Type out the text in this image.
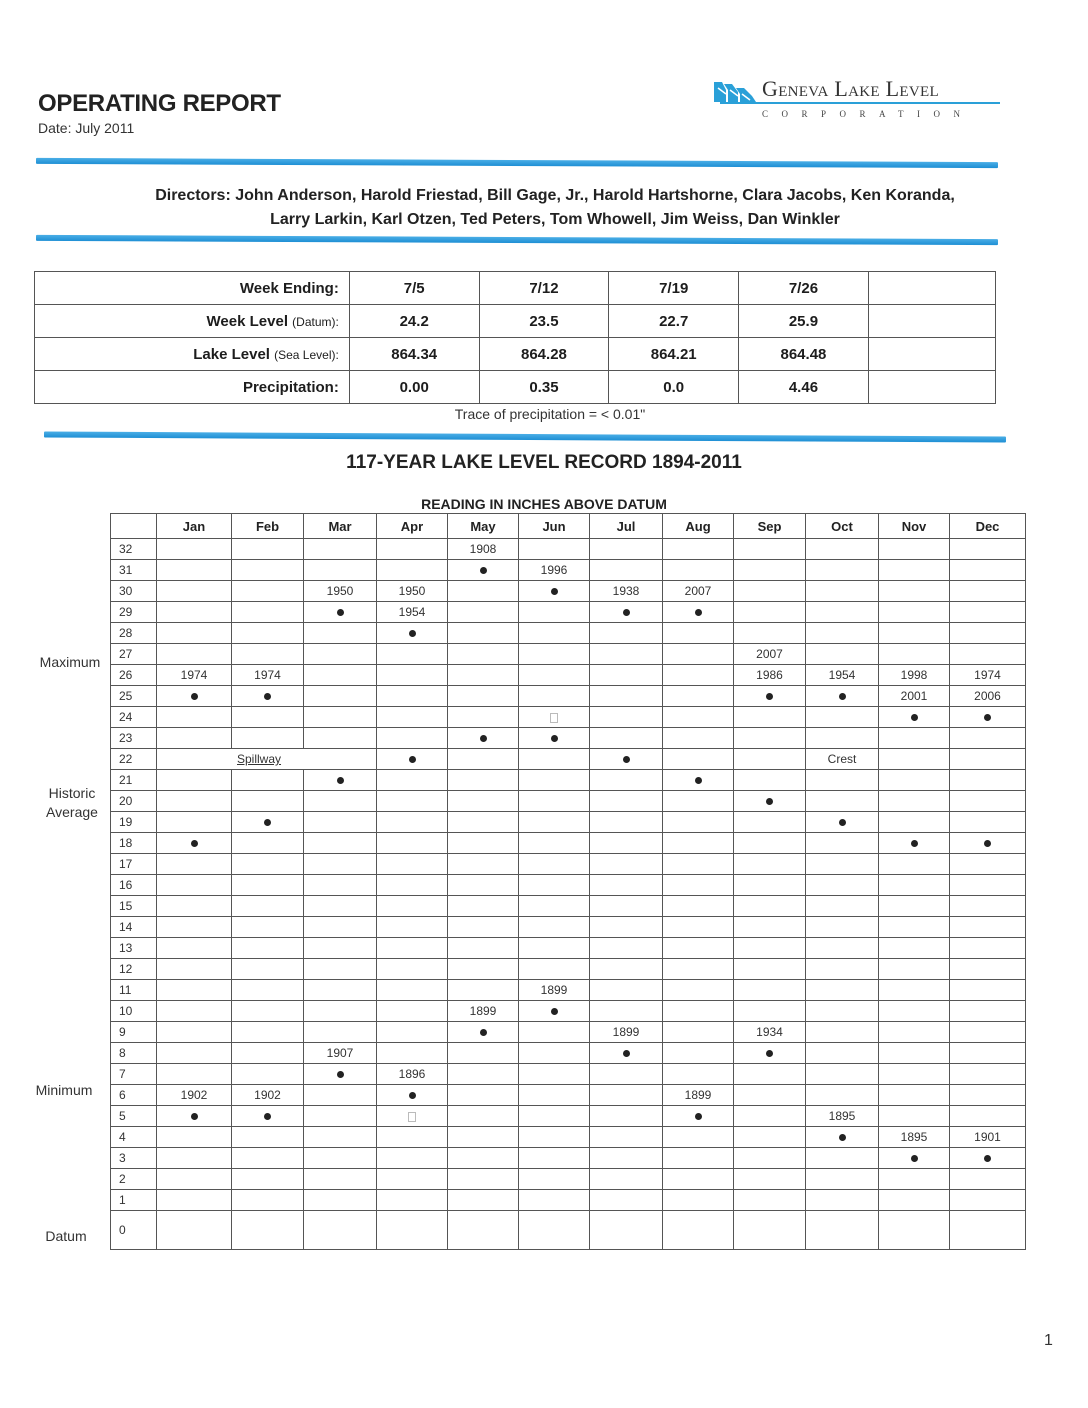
OPERATING REPORT
Date: July 2011
Geneva Lake Level
CORPORATION
Directors: John Anderson, Harold Friestad, Bill Gage, Jr., Harold Hartshorne, Clara Jacobs, Ken Koranda,
Larry Larkin, Karl Otzen, Ted Peters, Tom Whowell, Jim Weiss, Dan Winkler
Week Ending:	7/5	7/12	7/19	7/26	
Week Level (Datum):	24.2	23.5	22.7	25.9	
Lake Level (Sea Level):	864.34	864.28	864.21	864.48	
Precipitation:	0.00	0.35	0.0	4.46	
Trace of precipitation = < 0.01"
117-YEAR LAKE LEVEL RECORD 1894-2011
READING IN INCHES ABOVE DATUM
Maximum
Historic
Average
Minimum
Datum
	Jan	Feb	Mar	Apr	May	Jun	Jul	Aug	Sep	Oct	Nov	Dec
32					1908							
31						1996						
30			1950	1950			1938	2007				
29				1954								
28												
27									2007			
26	1974	1974							1986	1954	1998	1974
25											2001	2006
24												
23												
22	Spillway									Crest		
21												
20												
19												
18												
17												
16												
15												
14												
13												
12												
11						1899						
10					1899							
9							1899		1934			
8			1907									
7				1896								
6	1902	1902						1899				
5										1895		
4											1895	1901
3												
2												
1												
0												
1
